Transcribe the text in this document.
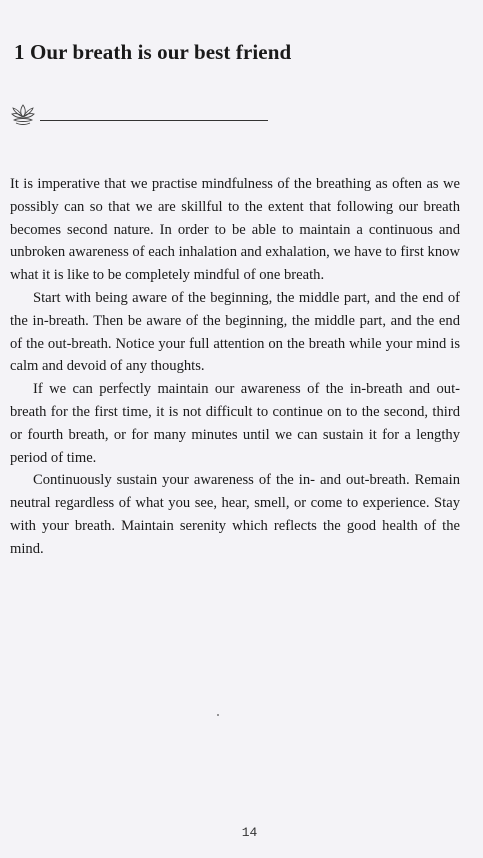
1 Our breath is our best friend

It is imperative that we practise mindfulness of the breathing as often as we possibly can so that we are skillful to the extent that following our breath becomes second nature. In order to be able to maintain a continuous and unbroken awareness of each inhalation and exhalation, we have to first know what it is like to be completely mindful of one breath.

Start with being aware of the beginning, the middle part, and the end of the in-breath. Then be aware of the beginning, the middle part, and the end of the out-breath. Notice your full attention on the breath while your mind is calm and devoid of any thoughts.

If we can perfectly maintain our awareness of the in-breath and out-breath for the first time, it is not difficult to continue on to the second, third or fourth breath, or for many minutes until we can sustain it for a lengthy period of time.

Continuously sustain your awareness of the in- and out-breath. Remain neutral regardless of what you see, hear, smell, or come to experience. Stay with your breath. Maintain serenity which reflects the good health of the mind.

14
